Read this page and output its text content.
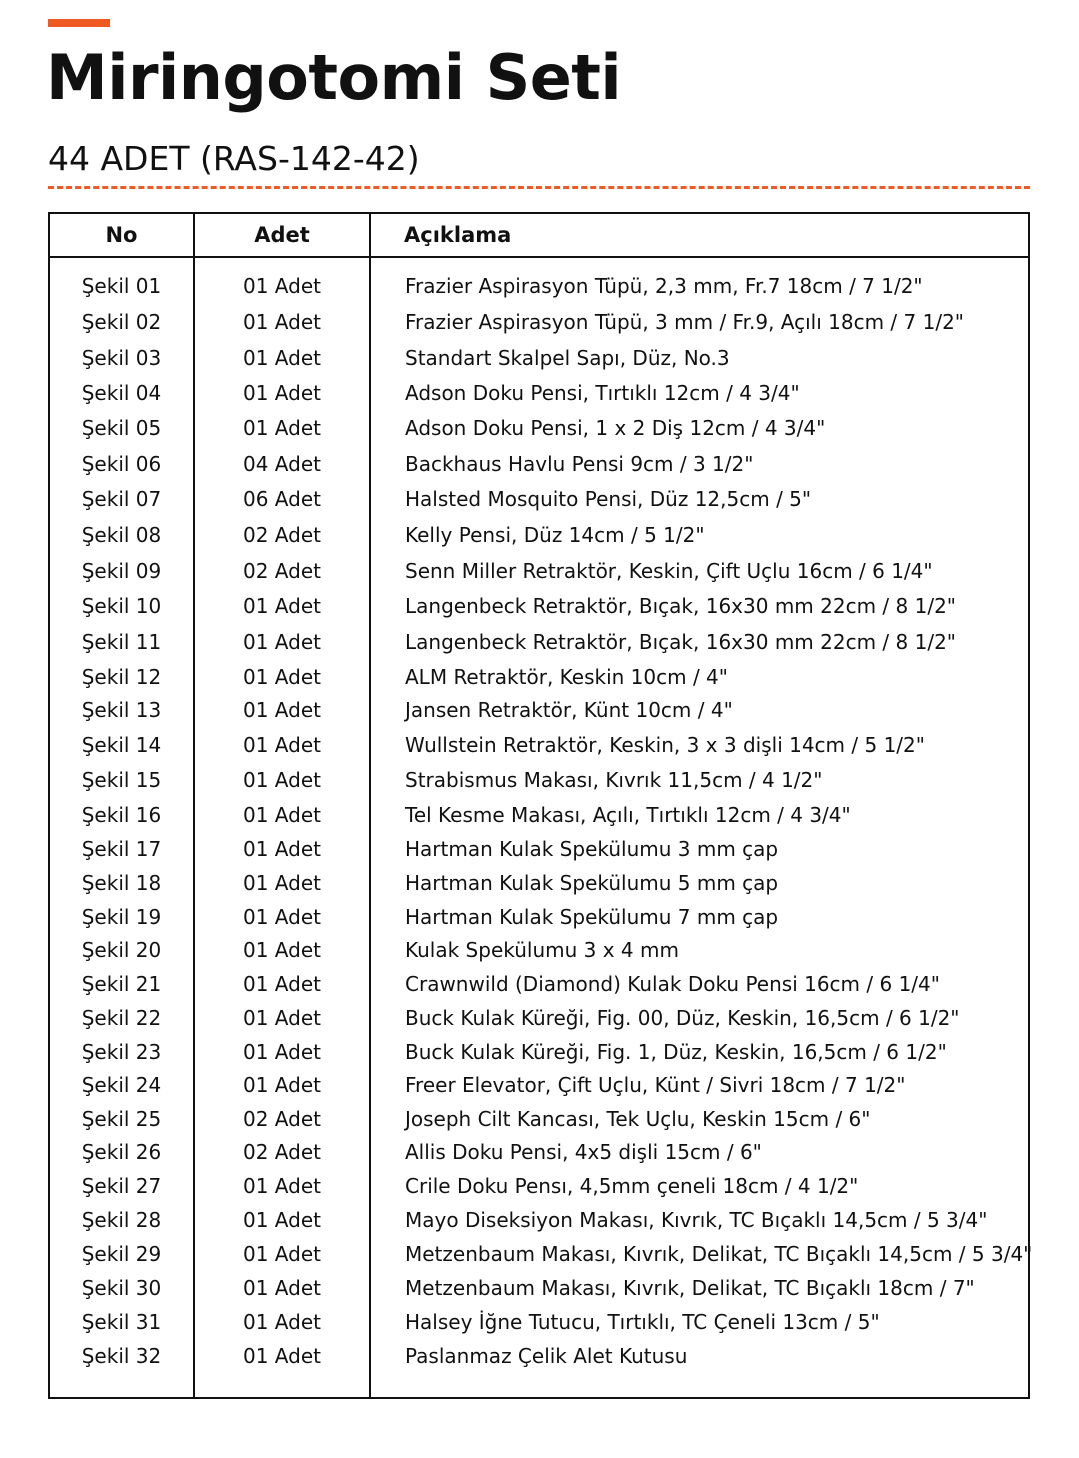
Miringotomi Seti
44 ADET (RAS-142-42)
No	Adet	Açıklama
Şekil 01	01 Adet	Frazier Aspirasyon Tüpü, 2,3 mm, Fr.7 18cm / 7 1/2"
Şekil 02	01 Adet	Frazier Aspirasyon Tüpü, 3 mm / Fr.9, Açılı 18cm / 7 1/2"
Şekil 03	01 Adet	Standart Skalpel Sapı, Düz, No.3
Şekil 04	01 Adet	Adson Doku Pensi, Tırtıklı 12cm / 4 3/4"
Şekil 05	01 Adet	Adson Doku Pensi, 1 x 2 Diş 12cm / 4 3/4"
Şekil 06	04 Adet	Backhaus Havlu Pensi 9cm / 3 1/2"
Şekil 07	06 Adet	Halsted Mosquito Pensi, Düz 12,5cm / 5"
Şekil 08	02 Adet	Kelly Pensi, Düz 14cm / 5 1/2"
Şekil 09	02 Adet	Senn Miller Retraktör, Keskin, Çift Uçlu 16cm / 6 1/4"
Şekil 10	01 Adet	Langenbeck Retraktör, Bıçak, 16x30 mm 22cm / 8 1/2"
Şekil 11	01 Adet	Langenbeck Retraktör, Bıçak, 16x30 mm 22cm / 8 1/2"
Şekil 12	01 Adet	ALM Retraktör, Keskin 10cm / 4"
Şekil 13	01 Adet	Jansen Retraktör, Künt 10cm / 4"
Şekil 14	01 Adet	Wullstein Retraktör, Keskin, 3 x 3 dişli 14cm / 5 1/2"
Şekil 15	01 Adet	Strabismus Makası, Kıvrık 11,5cm / 4 1/2"
Şekil 16	01 Adet	Tel Kesme Makası, Açılı, Tırtıklı 12cm / 4 3/4"
Şekil 17	01 Adet	Hartman Kulak Spekülumu 3 mm çap
Şekil 18	01 Adet	Hartman Kulak Spekülumu 5 mm çap
Şekil 19	01 Adet	Hartman Kulak Spekülumu 7 mm çap
Şekil 20	01 Adet	Kulak Spekülumu 3 x 4 mm
Şekil 21	01 Adet	Crawnwild (Diamond) Kulak Doku Pensi 16cm / 6 1/4"
Şekil 22	01 Adet	Buck Kulak Küreği, Fig. 00, Düz, Keskin, 16,5cm / 6 1/2"
Şekil 23	01 Adet	Buck Kulak Küreği, Fig. 1, Düz, Keskin, 16,5cm / 6 1/2"
Şekil 24	01 Adet	Freer Elevator, Çift Uçlu, Künt / Sivri 18cm / 7 1/2"
Şekil 25	02 Adet	Joseph Cilt Kancası, Tek Uçlu, Keskin 15cm / 6"
Şekil 26	02 Adet	Allis Doku Pensi, 4x5 dişli 15cm / 6"
Şekil 27	01 Adet	Crile Doku Pensı, 4,5mm çeneli 18cm / 4 1/2"
Şekil 28	01 Adet	Mayo Diseksiyon Makası, Kıvrık, TC Bıçaklı 14,5cm / 5 3/4"
Şekil 29	01 Adet	Metzenbaum Makası, Kıvrık, Delikat, TC Bıçaklı 14,5cm / 5 3/4"
Şekil 30	01 Adet	Metzenbaum Makası, Kıvrık, Delikat, TC Bıçaklı 18cm / 7"
Şekil 31	01 Adet	Halsey İğne Tutucu, Tırtıklı, TC Çeneli 13cm / 5"
Şekil 32	01 Adet	Paslanmaz Çelik Alet Kutusu
